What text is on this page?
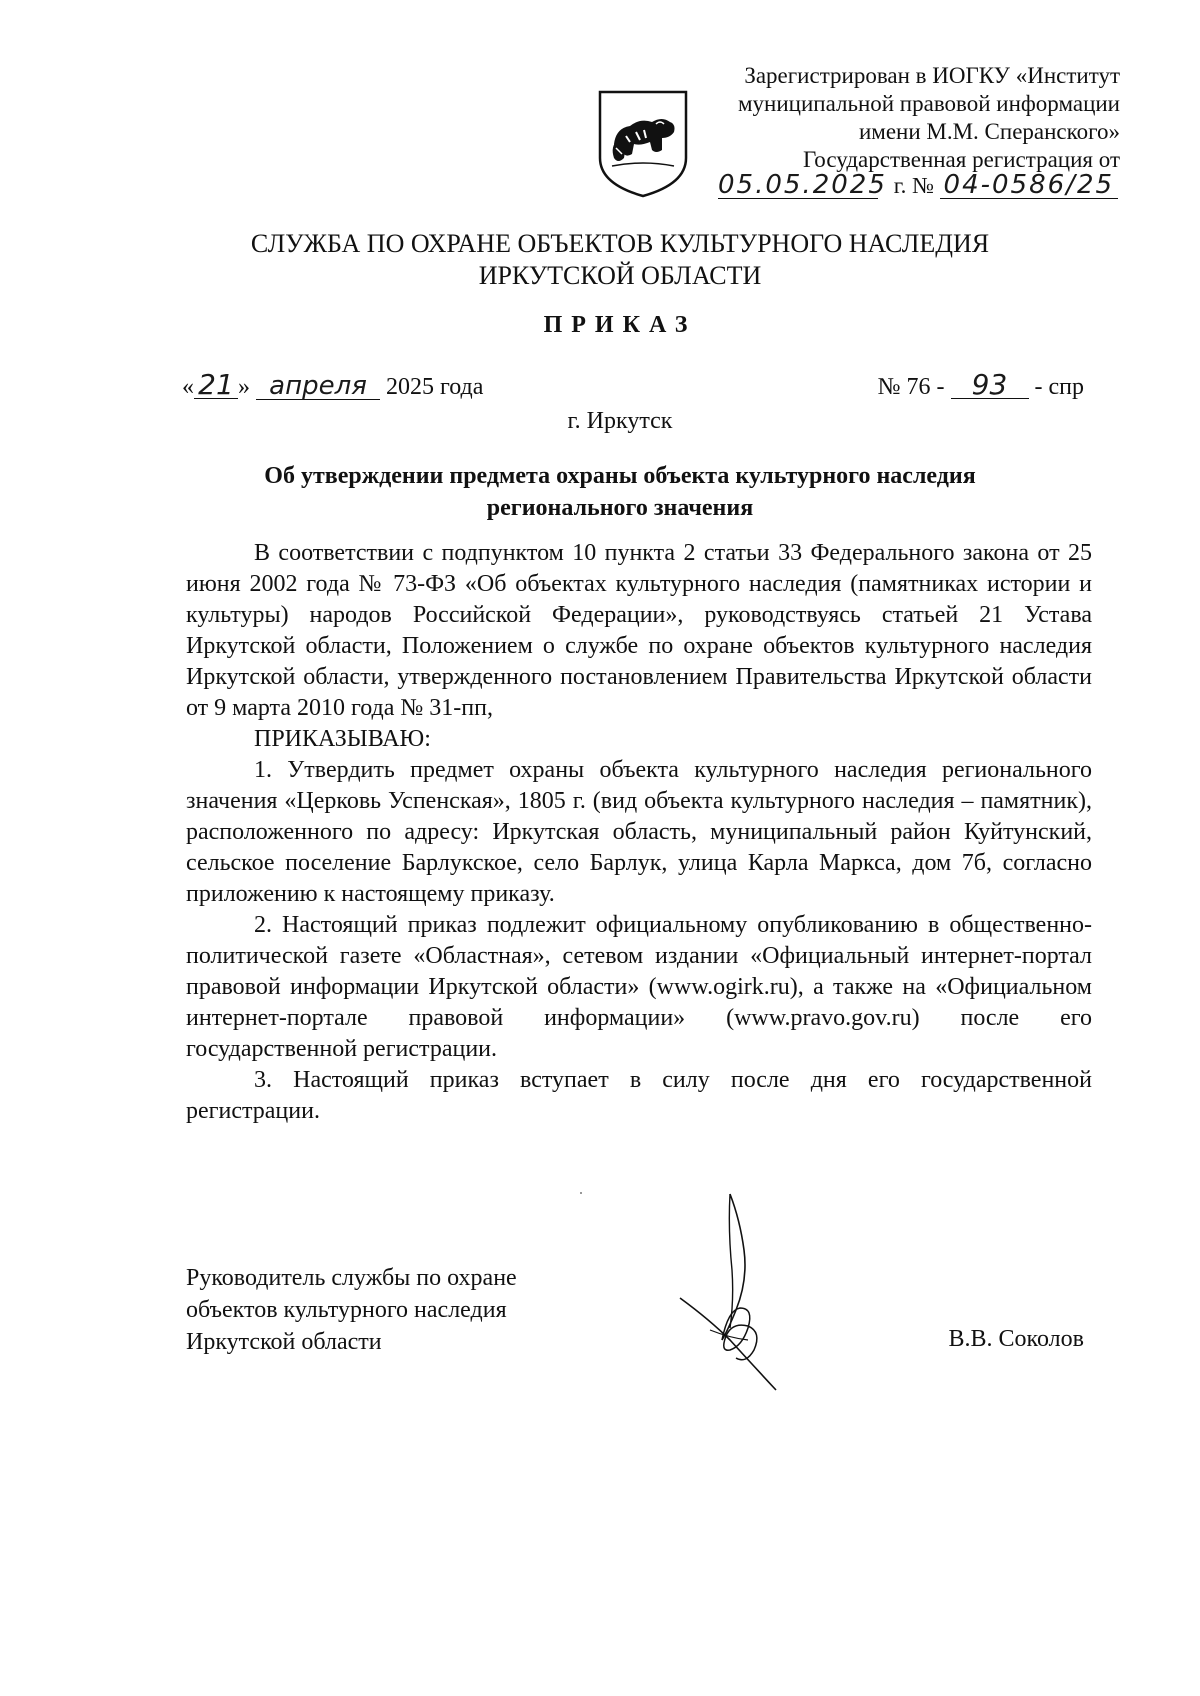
Зарегистрирован в ИОГКУ «Институт
муниципальной правовой информации
имени М.М. Сперанского»
Государственная регистрация от
05.05.2025 г. № 04-0586/25
СЛУЖБА ПО ОХРАНЕ ОБЪЕКТОВ КУЛЬТУРНОГО НАСЛЕДИЯ
ИРКУТСКОЙ ОБЛАСТИ
ПРИКАЗ
« 21 » апреля 2025 года	№ 76 - 93 - спр
г. Иркутск
Об утверждении предмета охраны объекта культурного наследия
регионального значения

В соответствии с подпунктом 10 пункта 2 статьи 33 Федерального закона от 25 июня 2002 года № 73-ФЗ «Об объектах культурного наследия (памятниках истории и культуры) народов Российской Федерации», руководствуясь статьей 21 Устава Иркутской области, Положением о службе по охране объектов культурного наследия Иркутской области, утвержденного постановлением Правительства Иркутской области от 9 марта 2010 года № 31-пп,

ПРИКАЗЫВАЮ:

1. Утвердить предмет охраны объекта культурного наследия регионального значения «Церковь Успенская», 1805 г. (вид объекта культурного наследия – памятник), расположенного по адресу: Иркутская область, муниципальный район Куйтунский, сельское поселение Барлукское, село Барлук, улица Карла Маркса, дом 7б, согласно приложению к настоящему приказу.

2. Настоящий приказ подлежит официальному опубликованию в общественно-политической газете «Областная», сетевом издании «Официальный интернет-портал правовой информации Иркутской области» (www.ogirk.ru), а также на «Официальном интернет-портале правовой информации» (www.pravo.gov.ru) после его государственной регистрации.

3. Настоящий приказ вступает в силу после дня его государственной регистрации.

Руководитель службы по охране
объектов культурного наследия
Иркутской области	В.В. Соколов
